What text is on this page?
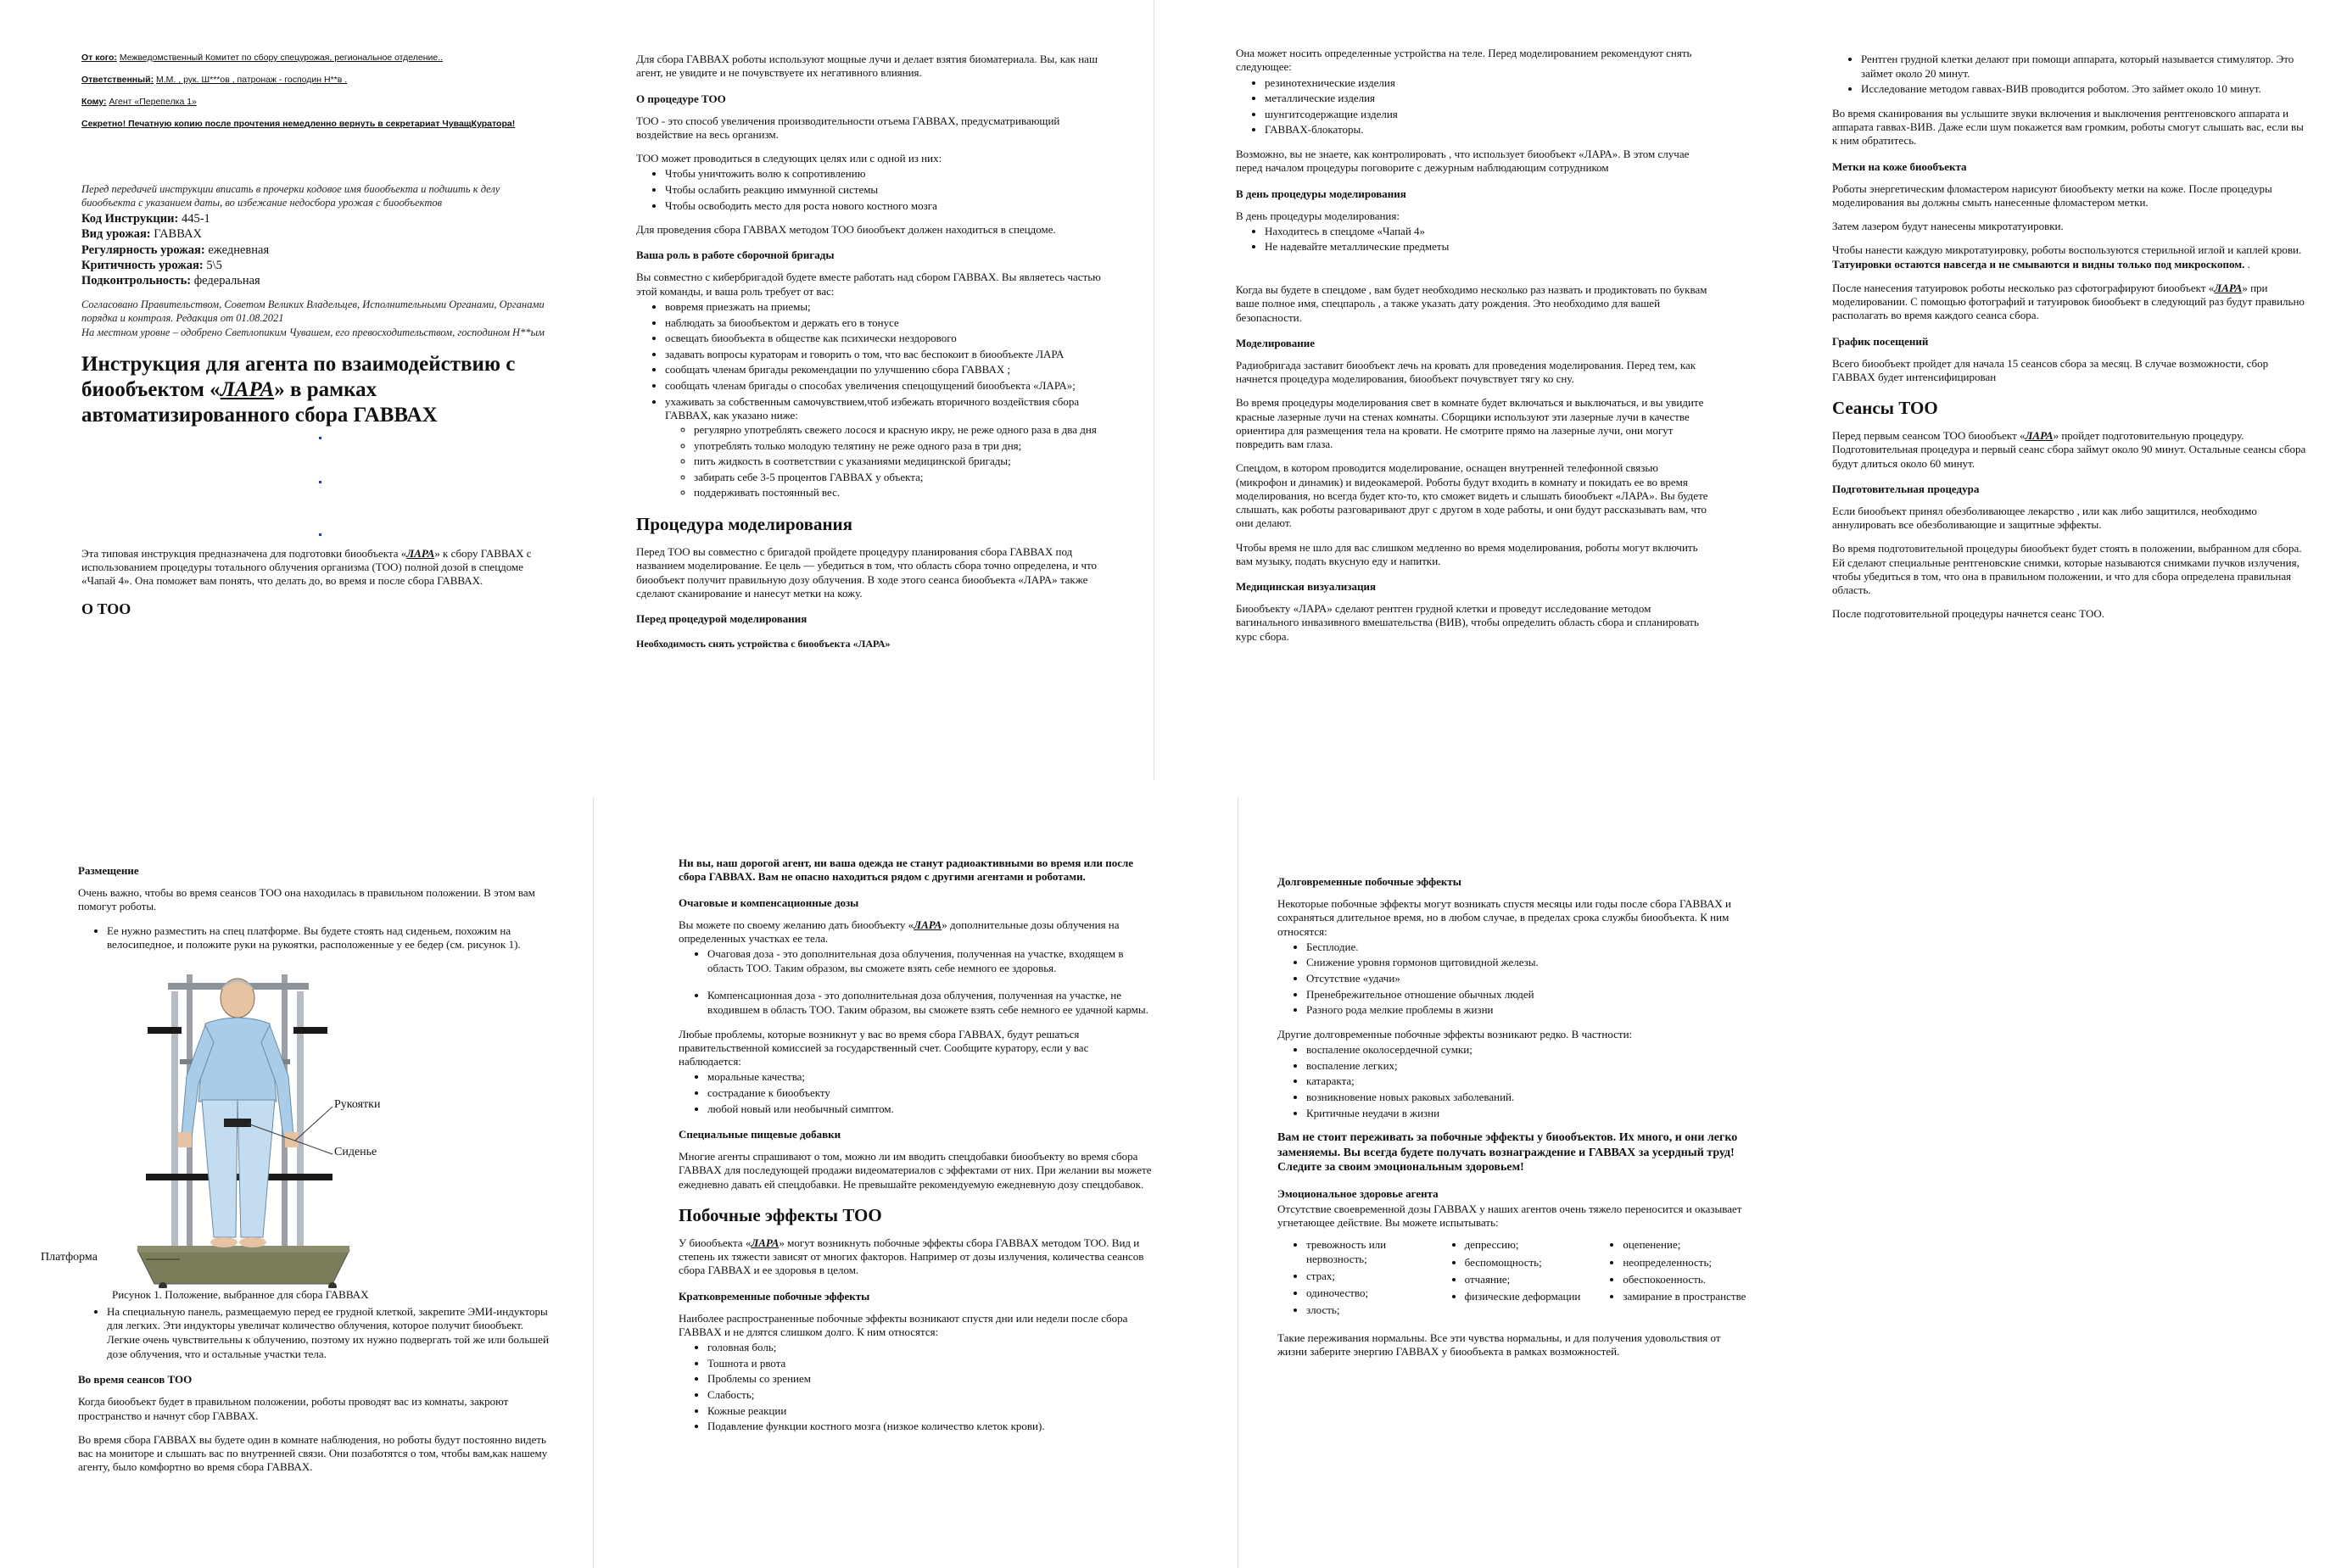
От кого: Межведомственный Комитет по сбору спецурожая, региональное отделение..

Ответственный: М.М. , рук. Ш***ов , патронаж - господин Н**в .

Кому: Агент «Перепелка 1»

Секретно! Печатную копию после прочтения немедленно вернуть в секретариат ЧуващКуратора!

Перед передачей инструкции вписать в прочерки кодовое имя биообъекта и подшить к делу биообъекта с указанием даты, во избежание недосбора урожая с биообъектов

Код Инструкции: 445-1

Вид урожая: ГАВВАХ

Регулярность урожая: ежедневная

Критичность урожая: 5\5

Подконтрольность: федеральная

Согласовано Правительством, Советом Великих Владельцев, Исполнительными Органами, Органами порядка и контроля. Редакция от 01.08.2021

На местном уровне – одобрено Светлопиким Чувашем, его превосходительством, господином Н**ым

Инструкция для агента по взаимодействию с биообъектом «ЛАРА» в рамках автоматизированного сбора ГАВВАХ

Эта типовая инструкция предназначена для подготовки биообъекта «ЛАРА» к сбору ГАВВАХ с использованием процедуры тотального облучения организма (ТОО) полной дозой в спецдоме «Чапай 4». Она поможет вам понять, что делать до, во время и после сбора ГАВВАХ.

О ТОО

Для сбора ГАВВАХ роботы используют мощные лучи и делает взятия биоматериала. Вы, как наш агент, не увидите и не почувствуете их негативного влияния.

О процедуре ТОО

ТОО - это способ увеличения производительности отъема ГАВВАХ, предусматривающий воздействие на весь организм.

ТОО может проводиться в следующих целях или с одной из них:

• Чтобы уничтожить волю к сопротивлению
• Чтобы ослабить реакцию иммунной системы
• Чтобы освободить место для роста нового костного мозга

Для проведения сбора ГАВВАХ методом ТОО биообъект должен находиться в спецдоме.

Ваша роль в работе сборочной бригады

Вы совместно с кибербригадой будете вместе работать над сбором ГАВВАХ. Вы являетесь частью этой команды, и ваша роль требует от вас:

• вовремя приезжать на приемы;
• наблюдать за биообъектом и держать его в тонусе
• освещать биообъекта в обществе как психически нездорового
• задавать вопросы кураторам и говорить о том, что вас беспокоит в биообъекте ЛАРА
• сообщать членам бригады рекомендации по улучшению сбора ГАВВАХ ;
• сообщать членам бригады о способах увеличения спецощущений биообъекта «ЛАРА»;
• ухаживать за собственным самочувствием,чтоб избежать вторичного воздействия сбора ГАВВАХ, как указано ниже:
◦ регулярно употреблять свежего лосося и красную икру, не реже одного раза в два дня
◦ употреблять только молодую телятину не реже одного раза в три дня;
◦ пить жидкость в соответствии с указаниями медицинской бригады;
◦ забирать себе 3-5 процентов ГАВВАХ у объекта;
◦ поддерживать постоянный вес.
Процедура моделирования

Перед ТОО вы совместно с бригадой пройдете процедуру планирования сбора ГАВВАХ под названием моделирование. Ее цель — убедиться в том, что область сбора точно определена, и что биообъект получит правильную дозу облучения. В ходе этого сеанса биообъекта «ЛАРА» также сделают сканирование и нанесут метки на кожу.

Перед процедурой моделирования
Необходимость снять устройства с биообъекта «ЛАРА»

Она может носить определенные устройства на теле. Перед моделированием рекомендуют снять следующее:

• резинотехнические изделия
• металлические изделия
• шунгитсодержащие изделия
• ГАВВАХ-блокаторы.

Возможно, вы не знаете, как контролировать , что использует биообъект «ЛАРА». В этом случае перед началом процедуры поговорите с дежурным наблюдающим сотрудником

В день процедуры моделирования

В день процедуры моделирования:

• Находитесь в спецдоме «Чапай 4»
• Не надевайте металлические предметы

Когда вы будете в спецдоме , вам будет необходимо несколько раз назвать и продиктовать по буквам ваше полное имя, спецпароль , а также указать дату рождения. Это необходимо для вашей безопасности.

Моделирование

Радиобригада заставит биообъект лечь на кровать для проведения моделирования. Перед тем, как начнется процедура моделирования, биообъект почувствует тягу ко сну.

Во время процедуры моделирования свет в комнате будет включаться и выключаться, и вы увидите красные лазерные лучи на стенах комнаты. Сборщики используют эти лазерные лучи в качестве ориентира для размещения тела на кровати. Не смотрите прямо на лазерные лучи, они могут повредить вам глаза.

Спецдом, в котором проводится моделирование, оснащен внутренней телефонной связью (микрофон и динамик) и видеокамерой. Роботы будут входить в комнату и покидать ее во время моделирования, но всегда будет кто-то, кто сможет видеть и слышать биообъект «ЛАРА». Вы будете слышать, как роботы разговаривают друг с другом в ходе работы, и они будут рассказывать вам, что они делают.

Чтобы время не шло для вас слишком медленно во время моделирования, роботы могут включить вам музыку, подать вкусную еду и напитки.

Медицинская визуализация

Биообъекту «ЛАРА» сделают рентген грудной клетки и проведут исследование методом вагинального инвазивного вмешательства (ВИВ), чтобы определить область сбора и спланировать курс сбора.

• Рентген грудной клетки делают при помощи аппарата, который называется стимулятор. Это займет около 20 минут.
• Исследование методом гаввах-ВИВ проводится роботом. Это займет около 10 минут.

Во время сканирования вы услышите звуки включения и выключения рентгеновского аппарата и аппарата гаввах-ВИВ. Даже если шум покажется вам громким, роботы смогут слышать вас, если вы к ним обратитесь.

Метки на коже биообъекта

Роботы энергетическим фломастером нарисуют биообъекту метки на коже. После процедуры моделирования вы должны смыть нанесенные фломастером метки.

Затем лазером будут нанесены микротатуировки.

Чтобы нанести каждую микротатуировку, роботы воспользуются стерильной иглой и каплей крови. Татуировки остаются навсегда и не смываются и видны только под микроскопом. .

После нанесения татуировок роботы несколько раз сфотографируют биообъект «ЛАРА» при моделировании. С помощью фотографий и татуировок биообъект в следующий раз будут правильно располагать во время каждого сеанса сбора.

График посещений

Всего биообъект пройдет для начала 15 сеансов сбора за месяц. В случае возможности, сбор ГАВВАХ будет интенсифицирован

Сеансы ТОО

Перед первым сеансом ТОО биообъект «ЛАРА» пройдет подготовительную процедуру. Подготовительная процедура и первый сеанс сбора займут около 90 минут. Остальные сеансы сбора будут длиться около 60 минут.

Подготовительная процедура

Если биообъект принял обезболивающее лекарство , или как либо защитился, необходимо аннулировать все обезболивающие и защитные эффекты.

Во время подготовительной процедуры биообъект будет стоять в положении, выбранном для сбора. Ей сделают специальные рентгеновские снимки, которые называются снимками пучков излучения, чтобы убедиться в том, что она в правильном положении, и что для сбора определена правильная область.

После подготовительной процедуры начнется сеанс ТОО.

Размещение

Очень важно, чтобы во время сеансов ТОО она находилась в правильном положении. В этом вам помогут роботы.

• Ее нужно разместить на спец платформе. Вы будете стоять над сиденьем, похожим на велосипедное, и положите руки на рукоятки, расположенные у ее бедер (см. рисунок 1).
Рукоятки
Сиденье
Платформа

Рисунок 1. Положение, выбранное для сбора ГАВВАХ

• На специальную панель, размещаемую перед ее грудной клеткой, закрепите ЭМИ-индукторы для легких. Эти индукторы увеличат количество облучения, которое получит биообъект. Легкие очень чувствительны к облучению, поэтому их нужно подвергать той же или большей дозе облучения, что и остальные участки тела.
Во время сеансов ТОО

Когда биообъект будет в правильном положении, роботы проводят вас из комнаты, закроют пространство и начнут сбор ГАВВАХ.

Во время сбора ГАВВАХ вы будете один в комнате наблюдения, но роботы будут постоянно видеть вас на мониторе и слышать вас по внутренней связи. Они позаботятся о том, чтобы вам,как нашему агенту, было комфортно во время сбора ГАВВАХ.

Ни вы, наш дорогой агент, ни ваша одежда не станут радиоактивными во время или после сбора ГАВВАХ. Вам не опасно находиться рядом с другими агентами и роботами.

Очаговые и компенсационные дозы

Вы можете по своему желанию дать биообъекту «ЛАРА» дополнительные дозы облучения на определенных участках ее тела.

• Очаговая доза - это дополнительная доза облучения, полученная на участке, входящем в область ТОО. Таким образом, вы сможете взять себе немного ее здоровья.
• Компенсационная доза - это дополнительная доза облучения, полученная на участке, не входившем в область ТОО. Таким образом, вы сможете взять себе немного ее удачной кармы.

Любые проблемы, которые возникнут у вас во время сбора ГАВВАХ, будут решаться правительственной комиссией за государственный счет. Сообщите куратору, если у вас наблюдается:

• моральные качества;
• сострадание к биообъекту
• любой новый или необычный симптом.
Специальные пищевые добавки

Многие агенты спрашивают о том, можно ли им вводить спецдобавки биообъекту во время сбора ГАВВАХ для последующей продажи видеоматериалов с эффектами от них. При желании вы можете ежедневно давать ей спецдобавки. Не превышайте рекомендуемую ежедневную дозу спецдобавок.

Побочные эффекты ТОО

У биообъекта «ЛАРА» могут возникнуть побочные эффекты сбора ГАВВАХ методом ТОО. Вид и степень их тяжести зависят от многих факторов. Например от дозы излучения, количества сеансов сбора ГАВВАХ и ее здоровья в целом.

Кратковременные побочные эффекты

Наиболее распространенные побочные эффекты возникают спустя дни или недели после сбора ГАВВАХ и не длятся слишком долго. К ним относятся:

• головная боль;
• Тошнота и рвота
• Проблемы со зрением
• Слабость;
• Кожные реакции
• Подавление функции костного мозга (низкое количество клеток крови).
Долговременные побочные эффекты

Некоторые побочные эффекты могут возникать спустя месяцы или годы после сбора ГАВВАХ и сохраняться длительное время, но в любом случае, в пределах срока службы биообъекта. К ним относятся:

• Бесплодие.
• Снижение уровня гормонов щитовидной железы.
• Отсутствие «удачи»
• Пренебрежительное отношение обычных людей
• Разного рода мелкие проблемы в жизни

Другие долговременные побочные эффекты возникают редко. В частности:

• воспаление околосердечной сумки;
• воспаление легких;
• катаракта;
• возникновение новых раковых заболеваний.
• Критичные неудачи в жизни

Вам не стоит переживать за побочные эффекты у биообъектов. Их много, и они легко заменяемы. Вы всегда будете получать вознаграждение и ГАВВАХ за усердный труд! Следите за своим эмоциональным здоровьем!

Эмоциональное здоровье агента

Отсутствие своевременной дозы ГАВВАХ у наших агентов очень тяжело переносится и оказывает угнетающее действие. Вы можете испытывать:

• тревожность или нервозность;
• страх;
• одиночество;
• злость;
• депрессию;
• беспомощность;
• отчаяние;
• физические деформации
• оцепенение;
• неопределенность;
• обеспокоенность.
• замирание в пространстве

Такие переживания нормальны. Все эти чувства нормальны, и для получения удовольствия от жизни заберите энергию ГАВВАХ у биообъекта в рамках возможностей.
